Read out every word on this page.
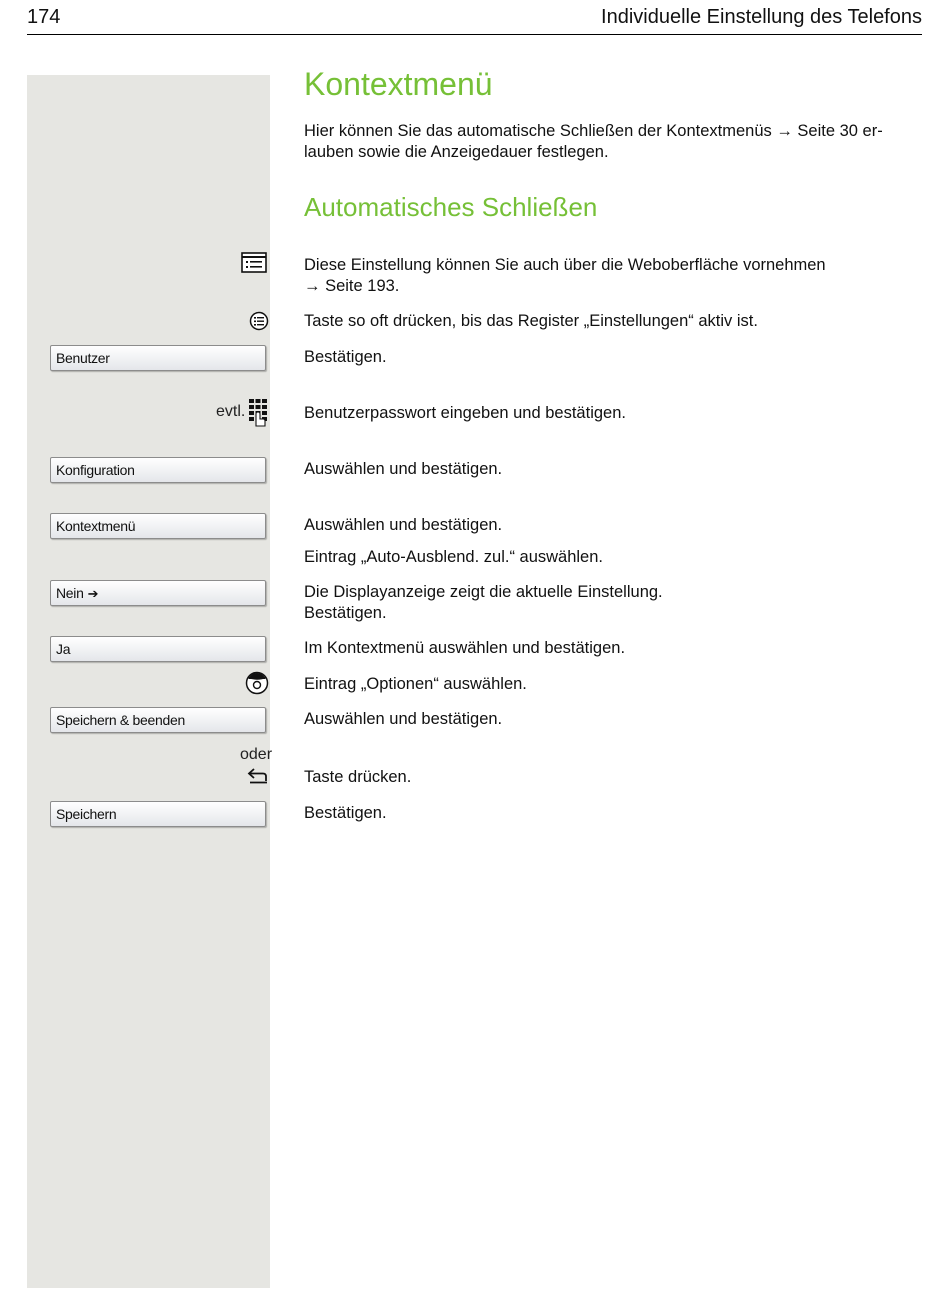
174	Individuelle Einstellung des Telefons
evtl.
oder
Benutzer
Konfiguration
Kontextmenü
Nein ➔
Ja
Speichern & beenden
Speichern
Kontextmenü
Hier können Sie das automatische Schließen der Kontextmenüs → Seite 30 er-
lauben sowie die Anzeigedauer festlegen.
Automatisches Schließen
Diese Einstellung können Sie auch über die Weboberfläche vornehmen
→ Seite 193.
Taste so oft drücken, bis das Register „Einstellungen“ aktiv ist.
Bestätigen.
Benutzerpasswort eingeben und bestätigen.
Auswählen und bestätigen.
Auswählen und bestätigen.
Eintrag „Auto-Ausblend. zul.“ auswählen.
Die Displayanzeige zeigt die aktuelle Einstellung.
Bestätigen.
Im Kontextmenü auswählen und bestätigen.
Eintrag „Optionen“ auswählen.
Auswählen und bestätigen.
Taste drücken.
Bestätigen.
